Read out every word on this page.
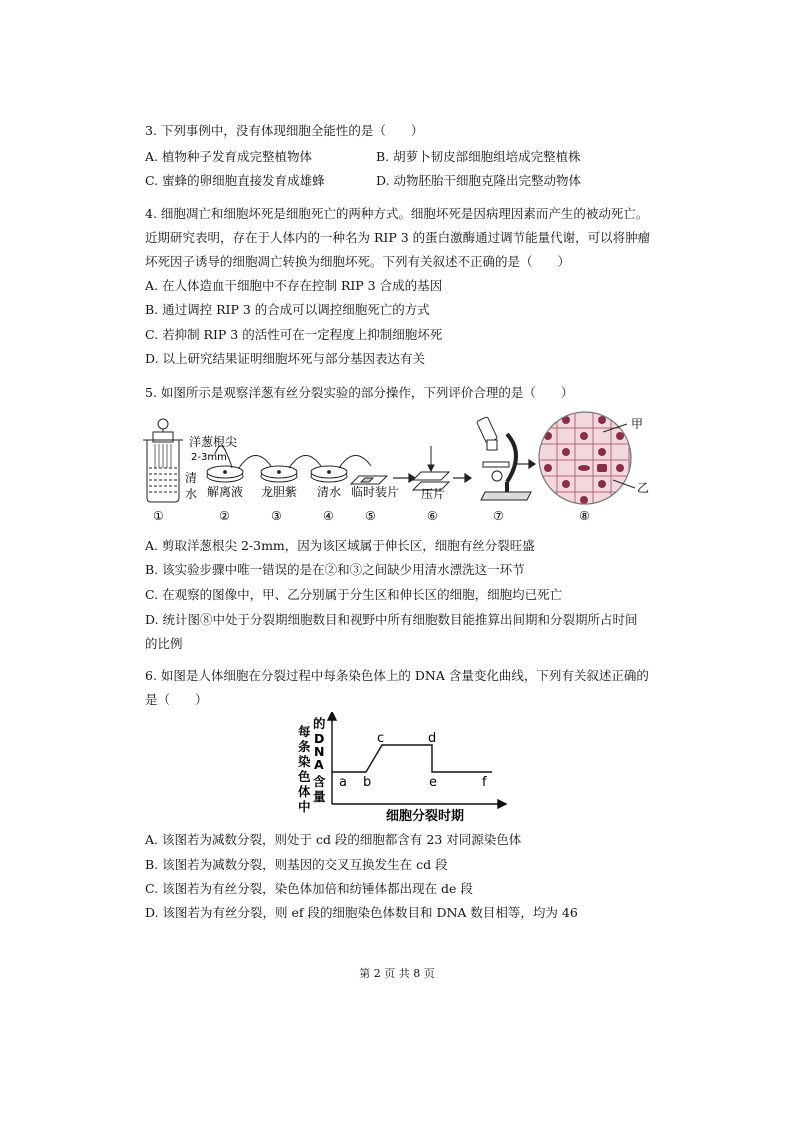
3. 下列事例中，没有体现细胞全能性的是（　　）
A. 植物种子发育成完整植物体	B. 胡萝卜韧皮部细胞组培成完整植株
C. 蜜蜂的卵细胞直接发育成雄蜂	D. 动物胚胎干细胞克隆出完整动物体
4. 细胞凋亡和细胞坏死是细胞死亡的两种方式。细胞坏死是因病理因素而产生的被动死亡。
近期研究表明，存在于人体内的一种名为 RIP 3 的蛋白激酶通过调节能量代谢，可以将肿瘤
坏死因子诱导的细胞凋亡转换为细胞坏死。下列有关叙述不正确的是（　　）
A. 在人体造血干细胞中不存在控制 RIP 3 合成的基因
B. 通过调控 RIP 3 的合成可以调控细胞死亡的方式
C. 若抑制 RIP 3 的活性可在一定程度上抑制细胞坏死
D. 以上研究结果证明细胞坏死与部分基因表达有关
5. 如图所示是观察洋葱有丝分裂实验的部分操作，下列评价合理的是（　　）
清
水
洋葱根尖
2-3mm
甲
乙
解离液 龙胆紫 清水 临时装片 压片
①	②	③	④	⑤	⑥	⑦	⑧
A. 剪取洋葱根尖 2-3mm，因为该区域属于伸长区，细胞有丝分裂旺盛
B. 该实验步骤中唯一错误的是在②和③之间缺少用清水漂洗这一环节
C. 在观察的图像中，甲、乙分别属于分生区和伸长区的细胞，细胞均已死亡
D. 统计图⑧中处于分裂期细胞数目和视野中所有细胞数目能推算出间期和分裂期所占时间
的比例
6. 如图是人体细胞在分裂过程中每条染色体上的 DNA 含量变化曲线，下列有关叙述正确的
是（　　）
每
条
染
色
体
中
的
D
N
A
含
量
a b
c	d
e	f
细胞分裂时期
A. 该图若为减数分裂，则处于 cd 段的细胞都含有 23 对同源染色体
B. 该图若为减数分裂，则基因的交叉互换发生在 cd 段
C. 该图若为有丝分裂，染色体加倍和纺锤体都出现在 de 段
D. 该图若为有丝分裂，则 ef 段的细胞染色体数目和 DNA 数目相等，均为 46
第 2 页 共 8 页
